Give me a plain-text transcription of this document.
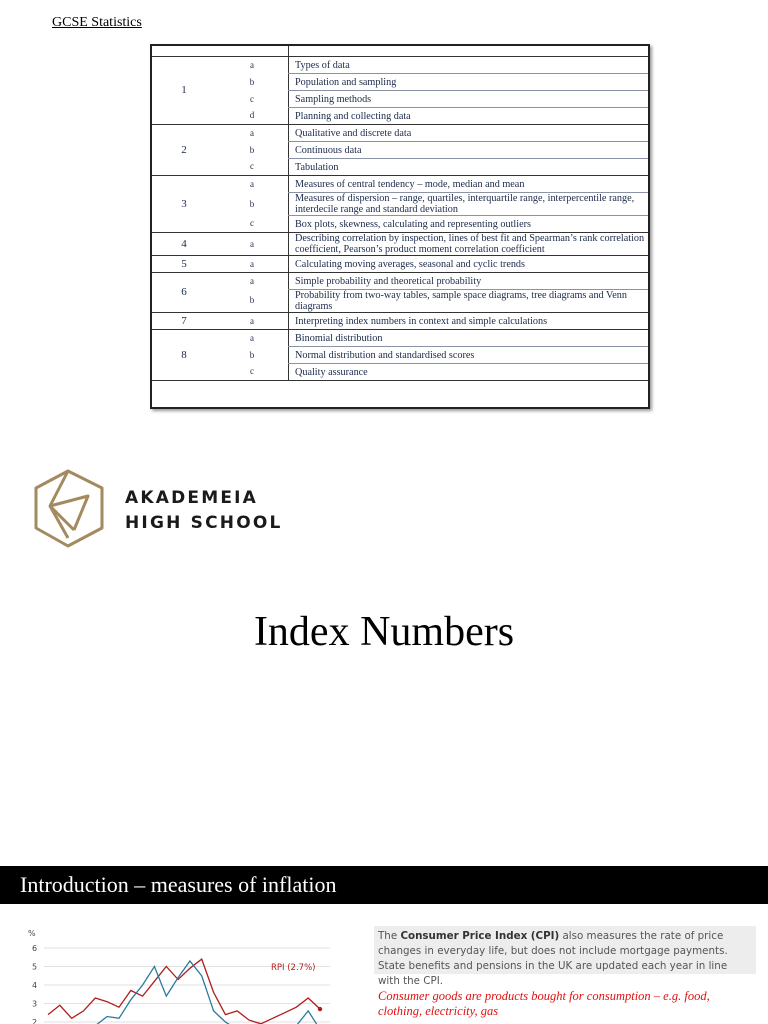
GCSE Statistics

1	a	Types of data
	b	Population and sampling
	c	Sampling methods
	d	Planning and collecting data
2	a	Qualitative and discrete data
	b	Continuous data
	c	Tabulation
3	a	Measures of central tendency – mode, median and mean
	b	Measures of dispersion – range, quartiles, interquartile range, interpercentile range, interdecile range and standard deviation
	c	Box plots, skewness, calculating and representing outliers
4	a	Describing correlation by inspection, lines of best fit and Spearman’s rank correlation coefficient, Pearson’s product moment correlation coefficient
5	a	Calculating moving averages, seasonal and cyclic trends
6	a	Simple probability and theoretical probability
	b	Probability from two-way tables, sample space diagrams, tree diagrams and Venn diagrams
7	a	Interpreting index numbers in context and simple calculations
8	a	Binomial distribution
	b	Normal distribution and standardised scores
	c	Quality assurance
AKADEMEIA
HIGH SCHOOL
Index Numbers
Introduction – measures of inflation
6
5
4
3
2
%
RPI (2.7%)
The Consumer Price Index (CPI) also measures the rate of price changes in everyday life, but does not include mortgage payments. State benefits and pensions in the UK are updated each year in line with the CPI.
Consumer goods are products bought for consumption – e.g. food, clothing, electricity, gas
